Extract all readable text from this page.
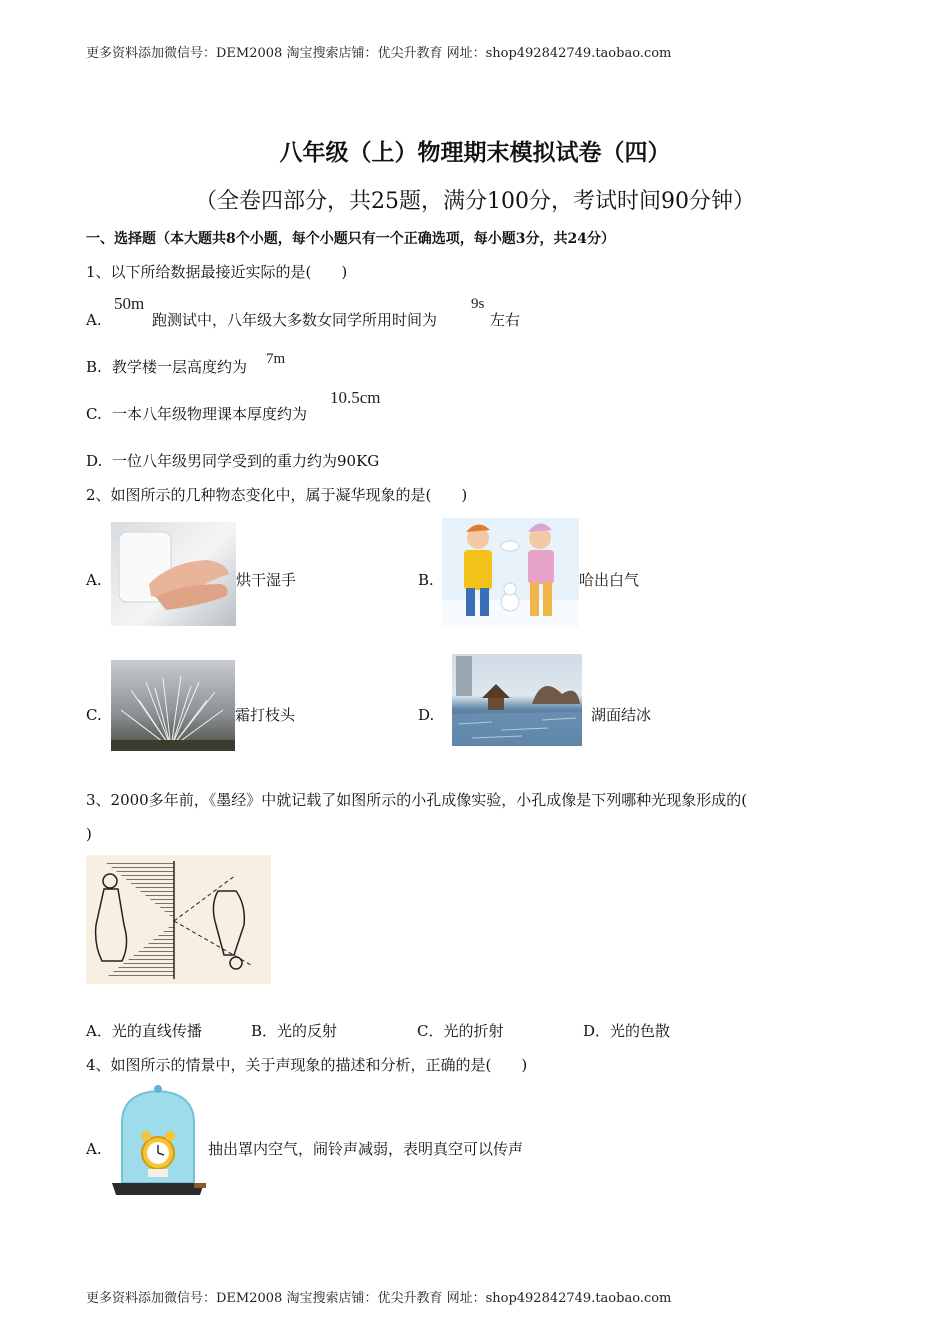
更多资料添加微信号：DEM2008 淘宝搜索店铺：优尖升教育 网址：shop492842749.taobao.com
八年级（上）物理期末模拟试卷（四）
（全卷四部分，共25题，满分100分，考试时间90分钟）
一、选择题（本大题共8个小题，每个小题只有一个正确选项，每小题3分，共24分）
1、以下所给数据最接近实际的是(　　)
A.
50m
跑测试中，八年级大多数女同学所用时间为
9s
左右
B. 教学楼一层高度约为 7m
C. 一本八年级物理课本厚度约为
10.5cm
D. 一位八年级男同学受到的重力约为90KG
2、如图所示的几种物态变化中，属于凝华现象的是(　　)
A.	烘干湿手	B.	哈出白气
C.	霜打枝头	D.	湖面结冰
3、2000多年前，《墨经》中就记载了如图所示的小孔成像实验，小孔成像是下列哪种光现象形成的(
)
A．光的直线传播	B．光的反射	C．光的折射	D．光的色散
4、如图所示的情景中，关于声现象的描述和分析，正确的是(　　)
A.	抽出罩内空气，闹铃声减弱，表明真空可以传声
更多资料添加微信号：DEM2008 淘宝搜索店铺：优尖升教育 网址：shop492842749.taobao.com
